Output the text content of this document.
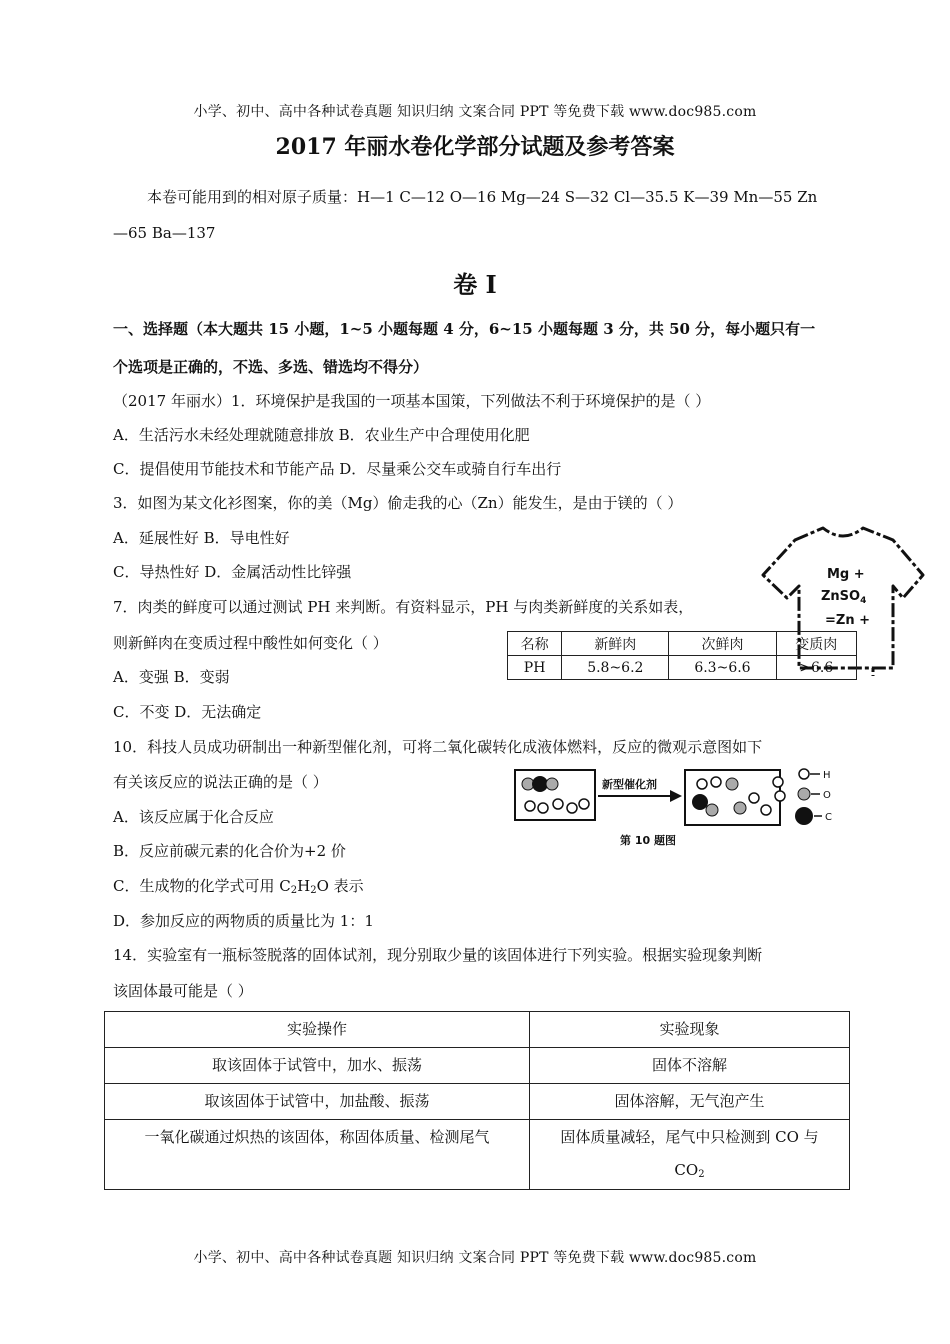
小学、初中、高中各种试卷真题 知识归纳 文案合同 PPT 等免费下载 www.doc985.com
2017 年丽水卷化学部分试题及参考答案
本卷可能用到的相对原子质量：H—1 C—12 O—16 Mg—24 S—32 Cl—35.5 K—39 Mn—55 Zn
—65 Ba—137
卷 I
一、选择题（本大题共 15 小题，1~5 小题每题 4 分，6~15 小题每题 3 分，共 50 分，每小题只有一
个选项是正确的，不选、多选、错选均不得分）
（2017 年丽水）1．环境保护是我国的一项基本国策，下列做法不利于环境保护的是（ ）
A．生活污水未经处理就随意排放 B．农业生产中合理使用化肥
C．提倡使用节能技术和节能产品 D．尽量乘公交车或骑自行车出行
3．如图为某文化衫图案，你的美（Mg）偷走我的心（Zn）能发生，是由于镁的（ ）
A．延展性好 B．导电性好
C．导热性好 D．金属活动性比锌强	Mg +
ZnSO$_4$
=Zn +
7．肉类的鲜度可以通过测试 PH 来判断。有资料显示，PH 与肉类新鲜度的关系如表，
则新鲜肉在变质过程中酸性如何变化（ ）
A．变强 B．变弱
C．不变 D．无法确定
名称	新鲜肉	次鲜肉	变质肉
PH	5.8~6.2	6.3~6.6	>6.6
10．科技人员成功研制出一种新型催化剂，可将二氧化碳转化成液体燃料，反应的微观示意图如下
有关该反应的说法正确的是（ ）
A．该反应属于化合反应
B．反应前碳元素的化合价为+2 价
C．生成物的化学式可用 $C_2H_2O$ 表示
D．参加反应的两物质的质量比为 1：1
新型催化剂
第 10 题图
H
O
C
14．实验室有一瓶标签脱落的固体试剂，现分别取少量的该固体进行下列实验。根据实验现象判断
该固体最可能是（ ）
实验操作	实验现象
取该固体于试管中，加水、振荡	固体不溶解
取该固体于试管中，加盐酸、振荡	固体溶解，无气泡产生
一氧化碳通过炽热的该固体，称固体质量、检测尾气	固体质量减轻，尾气中只检测到 CO 与
$CO_2$
小学、初中、高中各种试卷真题 知识归纳 文案合同 PPT 等免费下载 www.doc985.com
